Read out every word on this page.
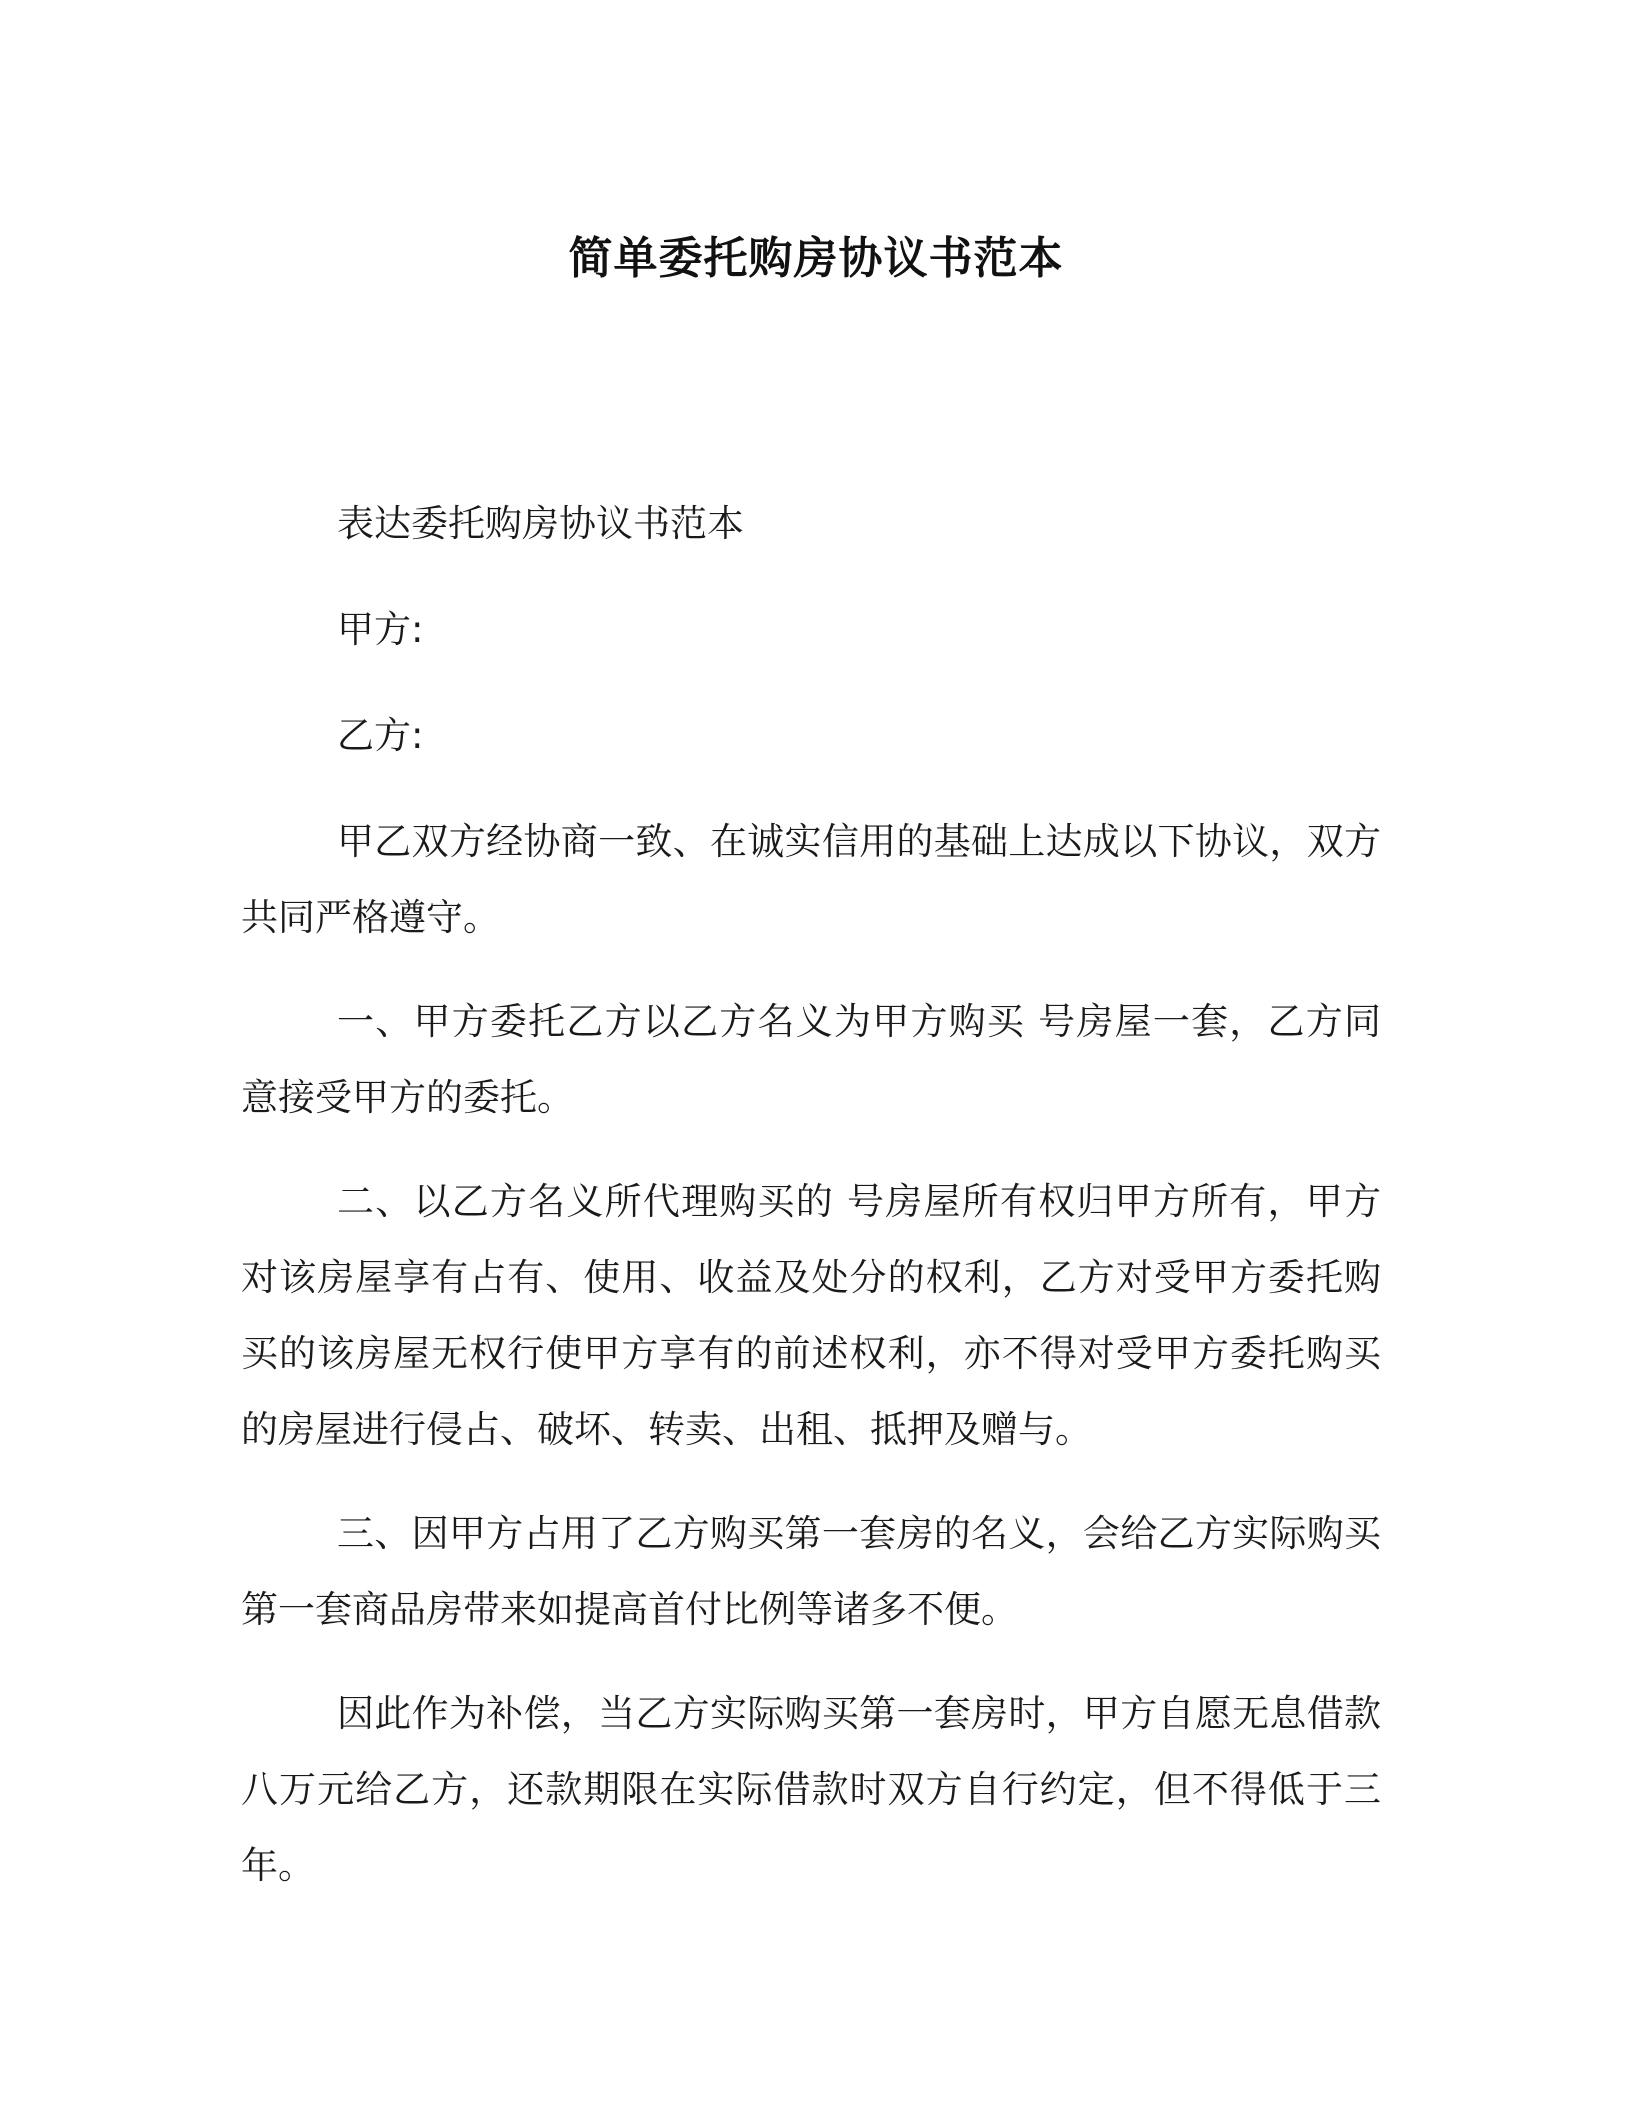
简单委托购房协议书范本

表达委托购房协议书范本

甲方:

乙方:

甲乙双方经协商一致、在诚实信用的基础上达成以下协议，双方共同严格遵守。

一、甲方委托乙方以乙方名义为甲方购买 号房屋一套，乙方同意接受甲方的委托。

二、以乙方名义所代理购买的 号房屋所有权归甲方所有，甲方对该房屋享有占有、使用、收益及处分的权利，乙方对受甲方委托购买的该房屋无权行使甲方享有的前述权利，亦不得对受甲方委托购买的房屋进行侵占、破坏、转卖、出租、抵押及赠与。

三、因甲方占用了乙方购买第一套房的名义，会给乙方实际购买第一套商品房带来如提高首付比例等诸多不便。

因此作为补偿，当乙方实际购买第一套房时，甲方自愿无息借款八万元给乙方，还款期限在实际借款时双方自行约定，但不得低于三年。
